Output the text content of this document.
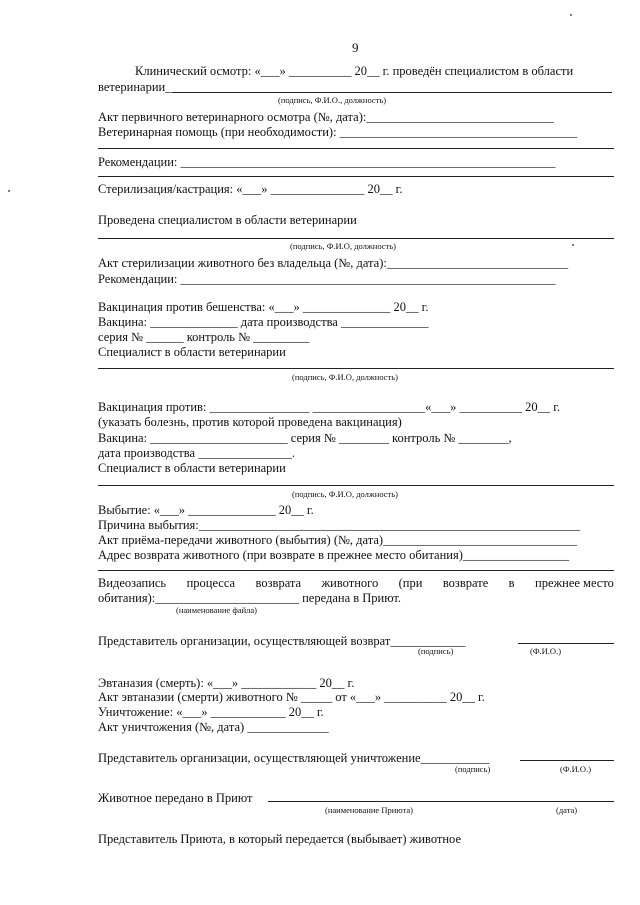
9
Клинический осмотр: «___» __________ 20__ г. проведён специалистом в области
ветеринарии_
(подпись, Ф.И.О., должность)
Акт первичного ветеринарного осмотра (№, дата):______________________________
Ветеринарная помощь (при необходимости): ______________________________________
Рекомендации: ____________________________________________________________
Стерилизация/кастрация: «___» _______________ 20__ г.
Проведена специалистом в области ветеринарии
(подпись, Ф.И.О, должность)
Акт стерилизации животного без владельца (№, дата):_____________________________
Рекомендации: ____________________________________________________________
Вакцинация против бешенства: «___» ______________ 20__ г.
Вакцина: ______________ дата производства ______________
серия № ______ контроль № _________
Специалист в области ветеринарии
(подпись, Ф.И.О, должность)
Вакцинация против: ________________ __________________«___» __________ 20__ г.
(указать болезнь, против которой проведена вакцинация)
Вакцина: ______________________ серия № ________ контроль № ________,
дата производства _______________.
Специалист в области ветеринарии
(подпись, Ф.И.О, должность)
Выбытие: «___» ______________ 20__ г.
Причина выбытия:_____________________________________________________________
Акт приёма-передачи животного (выбытия) (№, дата)_______________________________
Адрес возврата животного (при возврате в прежнее место обитания)_________________
Видеозапись процесса возврата животного (при возврате в прежнее место
обитания):_______________________ передана в Приют.
(наименование файла)
Представитель организации, осуществляющей возврат____________
(подпись)	(Ф.И.О.)
Эвтаназия (смерть): «___» ____________ 20__ г.
Акт эвтаназии (смерти) животного № _____ от «___» __________ 20__ г.
Уничтожение: «___» ____________ 20__ г.
Акт уничтожения (№, дата) _____________
Представитель организации, осуществляющей уничтожение___________
(подпись)	(Ф.И.О.)
Животное передано в Приют
(наименование Приюта)	(дата)
Представитель Приюта, в который передается (выбывает) животное
